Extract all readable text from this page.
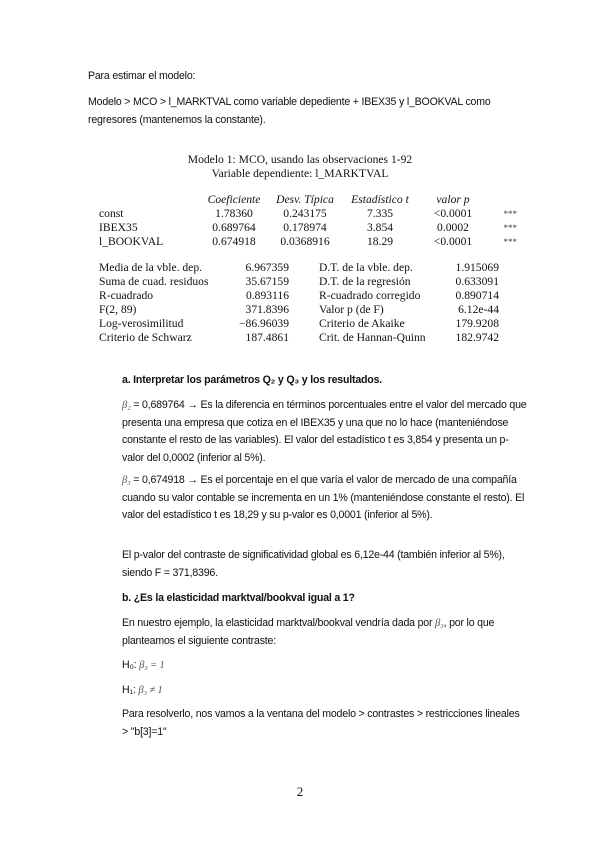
Para estimar el modelo:

Modelo > MCO > l_MARKTVAL como variable depediente + IBEX35 y l_BOOKVAL como regresores (mantenemos la constante).

Modelo 1: MCO, usando las observaciones 1-92
Variable dependiente: l_MARKTVAL
	Coeficiente	Desv. Típica	Estadístico t	valor p	
const	1.78360	0.243175	7.335	<0.0001	***
IBEX35	0.689764	0.178974	3.854	0.0002	***
l_BOOKVAL	0.674918	0.0368916	18.29	<0.0001	***
Media de la vble. dep.	6.967359		D.T. de la vble. dep.	1.915069
Suma de cuad. residuos	35.67159		D.T. de la regresión	0.633091
R-cuadrado	0.893116		R-cuadrado corregido	0.890714
F(2, 89)	371.8396		Valor p (de F)	6.12e-44
Log-verosimilitud	−86.96039		Criterio de Akaike	179.9208
Criterio de Schwarz	187.4861		Crit. de Hannan-Quinn	182.9742

a. Interpretar los parámetros Q₂ y Q₃ y los resultados.

β₂ = 0,689764 → Es la diferencia en términos porcentuales entre el valor del mercado que presenta una empresa que cotiza en el IBEX35 y una que no lo hace (manteniéndose constante el resto de las variables). El valor del estadístico t es 3,854 y presenta un p-valor del 0,0002 (inferior al 5%).

β₃ = 0,674918 → Es el porcentaje en el que varía el valor de mercado de una compañía cuando su valor contable se incrementa en un 1% (manteniéndose constante el resto). El valor del estadístico t es 18,29 y su p-valor es 0,0001 (inferior al 5%).

El p-valor del contraste de significatividad global es 6,12e-44 (también inferior al 5%), siendo F = 371,8396.

b. ¿Es la elasticidad marktval/bookval igual a 1?

En nuestro ejemplo, la elasticidad marktval/bookval vendría dada por β₃, por lo que planteamos el siguiente contraste:

H₀: β₃ = 1

H₁: β₃ ≠ 1

Para resolverlo, nos vamos a la ventana del modelo > contrastes > restricciones lineales > ''b[3]=1''

2
